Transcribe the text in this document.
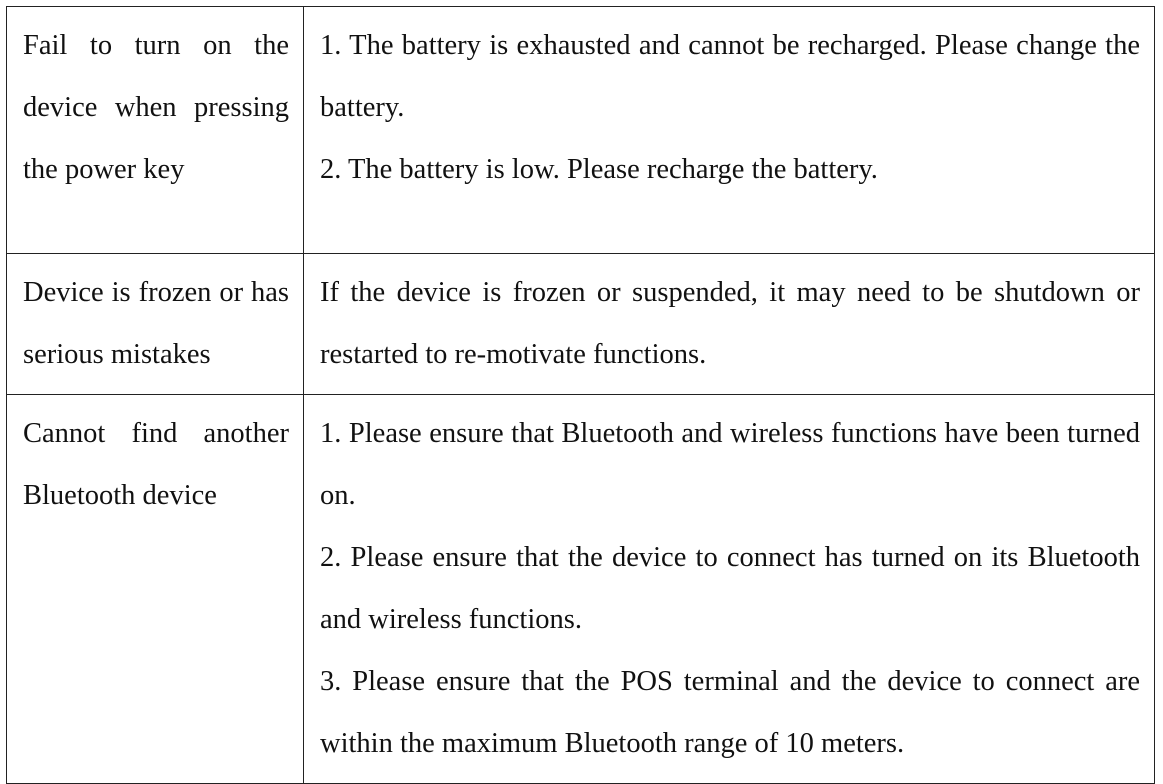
Fail to turn on the device when pressing the power key	1. The battery is exhausted and cannot be recharged. Please change the battery.
2. The battery is low. Please recharge the battery.

Device is frozen or has serious mistakes	If the device is frozen or suspended, it may need to be shutdown or restarted to re-motivate functions.

Cannot find another Bluetooth device	1. Please ensure that Bluetooth and wireless functions have been turned on.
2. Please ensure that the device to connect has turned on its Bluetooth and wireless functions.
3. Please ensure that the POS terminal and the device to connect are within the maximum Bluetooth range of 10 meters.
